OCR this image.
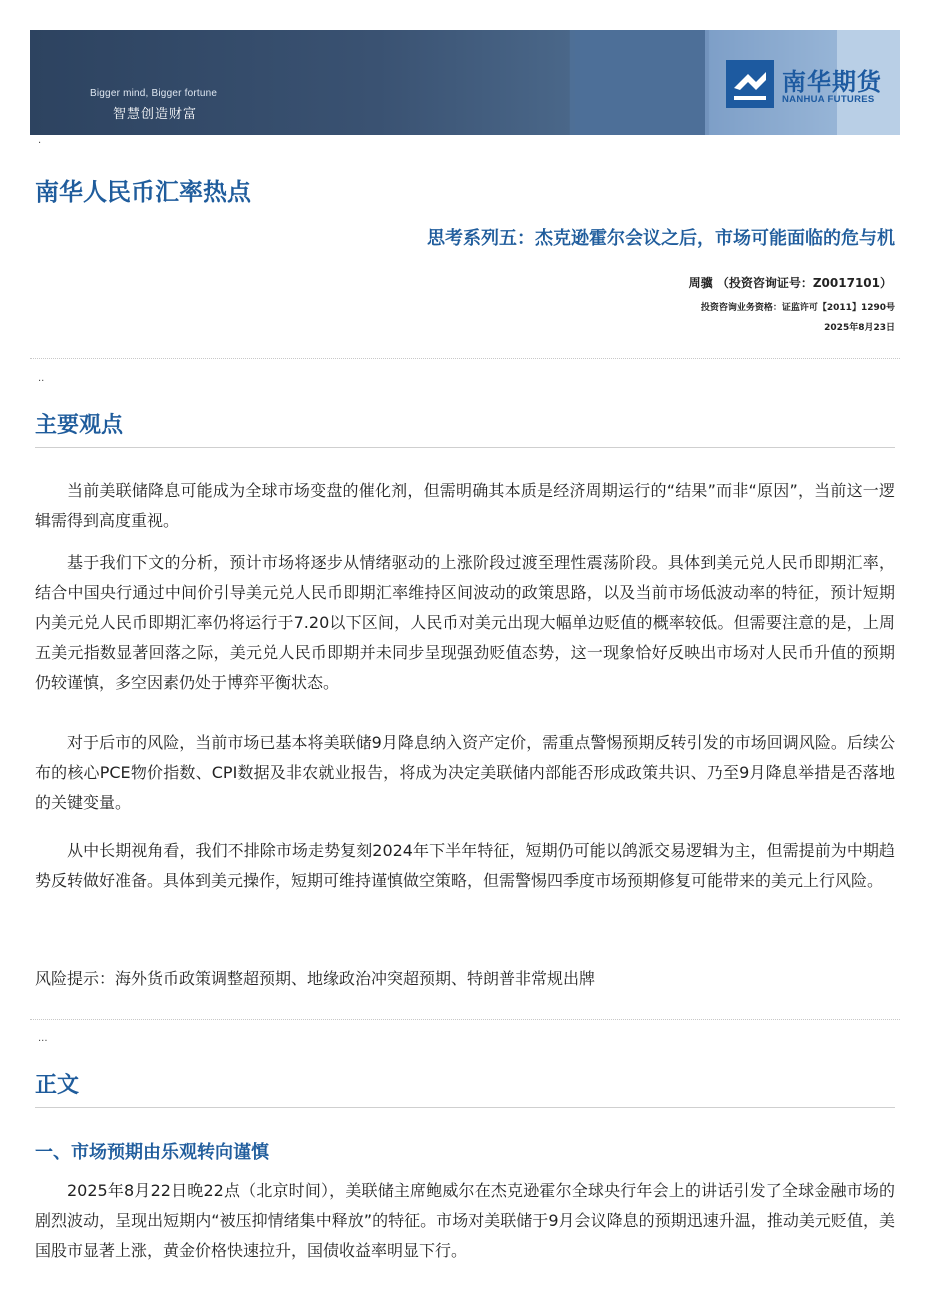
Bigger mind, Bigger fortune
智慧创造财富
南华期货
NANHUA FUTURES
·
南华人民币汇率热点
思考系列五：杰克逊霍尔会议之后，市场可能面临的危与机
周骥 （投资咨询证号：Z0017101）
投资咨询业务资格：证监许可【2011】1290号
2025年8月23日
··
主要观点

当前美联储降息可能成为全球市场变盘的催化剂，但需明确其本质是经济周期运行的“结果”而非“原因”，当前这一逻辑需得到高度重视。

基于我们下文的分析，预计市场将逐步从情绪驱动的上涨阶段过渡至理性震荡阶段。具体到美元兑人民币即期汇率，结合中国央行通过中间价引导美元兑人民币即期汇率维持区间波动的政策思路，以及当前市场低波动率的特征，预计短期内美元兑人民币即期汇率仍将运行于7.20以下区间，人民币对美元出现大幅单边贬值的概率较低。但需要注意的是，上周五美元指数显著回落之际，美元兑人民币即期并未同步呈现强劲贬值态势，这一现象恰好反映出市场对人民币升值的预期仍较谨慎，多空因素仍处于博弈平衡状态。

对于后市的风险，当前市场已基本将美联储9月降息纳入资产定价，需重点警惕预期反转引发的市场回调风险。后续公布的核心PCE物价指数、CPI数据及非农就业报告，将成为决定美联储内部能否形成政策共识、乃至9月降息举措是否落地的关键变量。

从中长期视角看，我们不排除市场走势复刻2024年下半年特征，短期仍可能以鸽派交易逻辑为主，但需提前为中期趋势反转做好准备。具体到美元操作，短期可维持谨慎做空策略，但需警惕四季度市场预期修复可能带来的美元上行风险。

风险提示：海外货币政策调整超预期、地缘政治冲突超预期、特朗普非常规出牌
···
正文
一、市场预期由乐观转向谨慎

2025年8月22日晚22点（北京时间），美联储主席鲍威尔在杰克逊霍尔全球央行年会上的讲话引发了全球金融市场的剧烈波动，呈现出短期内“被压抑情绪集中释放”的特征。市场对美联储于9月会议降息的预期迅速升温，推动美元贬值，美国股市显著上涨，黄金价格快速拉升，国债收益率明显下行。
